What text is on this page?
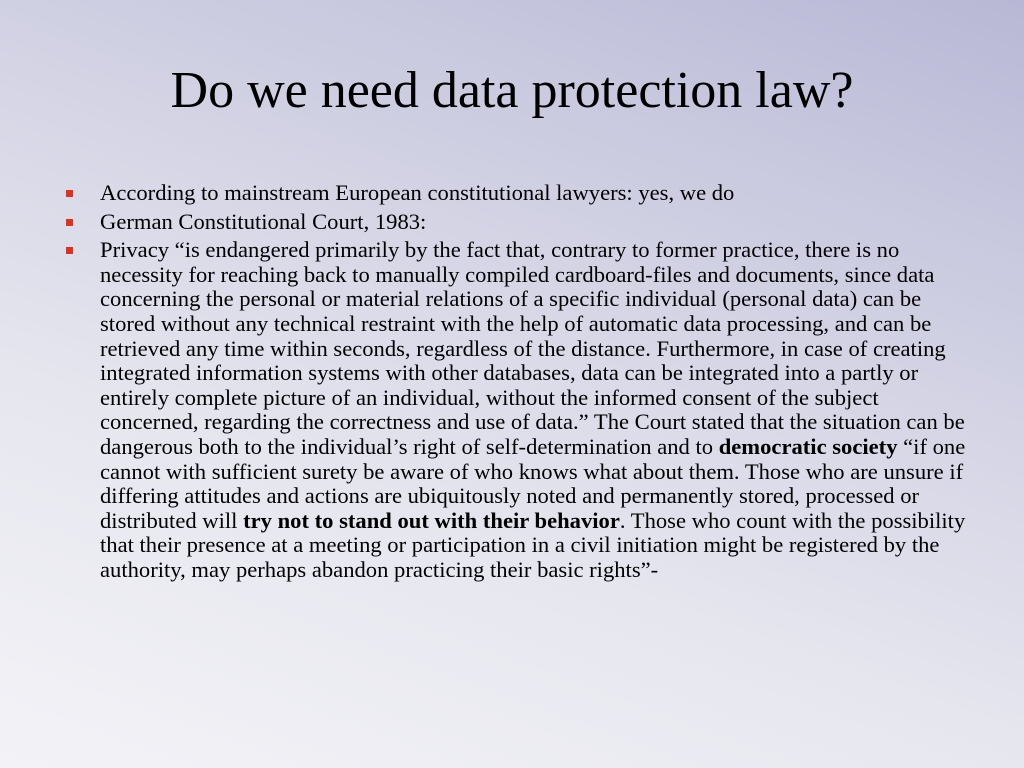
Do we need data protection law?
According to mainstream European constitutional lawyers: yes, we do
German Constitutional Court, 1983:
Privacy “is endangered primarily by the fact that, contrary to former practice, there is no necessity for reaching back to manually compiled cardboard-files and documents, since data concerning the personal or material relations of a specific individual (personal data) can be stored without any technical restraint with the help of automatic data processing, and can be retrieved any time within seconds, regardless of the distance. Furthermore, in case of creating integrated information systems with other databases, data can be integrated into a partly or entirely complete picture of an individual, without the informed consent of the subject concerned, regarding the correctness and use of data.” The Court stated that the situation can be dangerous both to the individual’s right of self-determination and to democratic society “if one cannot with sufficient surety be aware of who knows what about them. Those who are unsure if differing attitudes and actions are ubiquitously noted and permanently stored, processed or distributed will try not to stand out with their behavior. Those who count with the possibility that their presence at a meeting or participation in a civil initiation might be registered by the authority, may perhaps abandon practicing their basic rights”-
